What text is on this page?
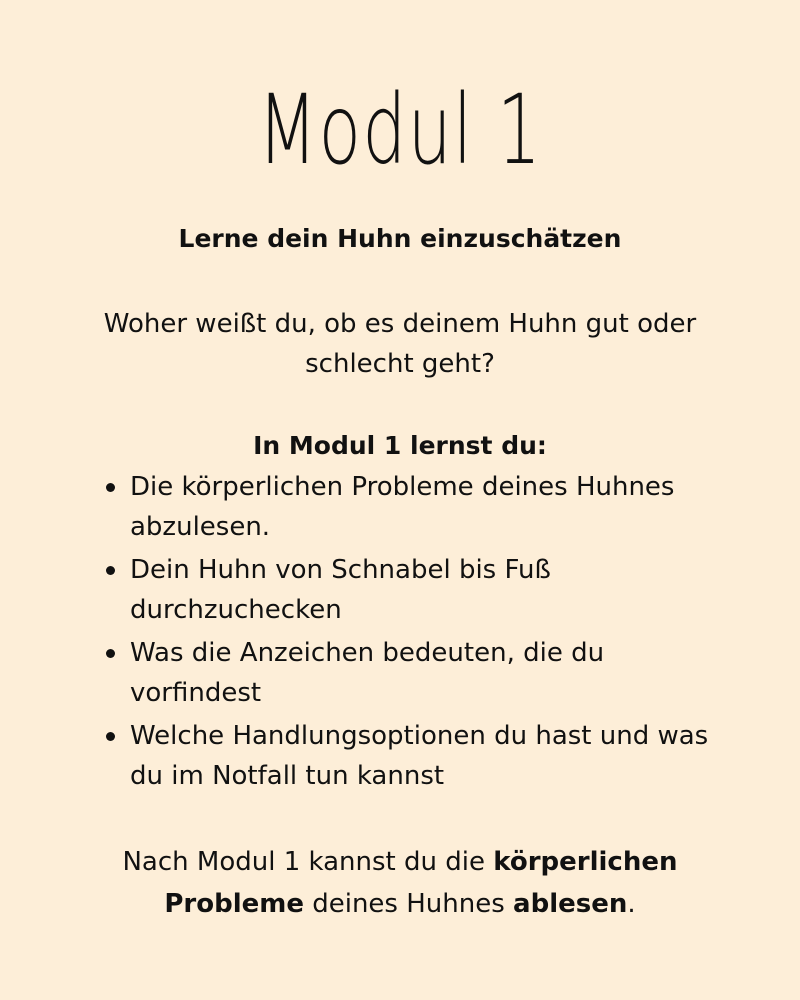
Modul 1
Lerne dein Huhn einzuschätzen
Woher weißt du, ob es deinem Huhn gut oder schlecht geht?
In Modul 1 lernst du:
Die körperlichen Probleme deines Huhnes abzulesen.
Dein Huhn von Schnabel bis Fuß durchzuchecken
Was die Anzeichen bedeuten, die du vorfindest
Welche Handlungsoptionen du hast und was du im Notfall tun kannst
Nach Modul 1 kannst du die körperlichen Probleme deines Huhnes ablesen.
